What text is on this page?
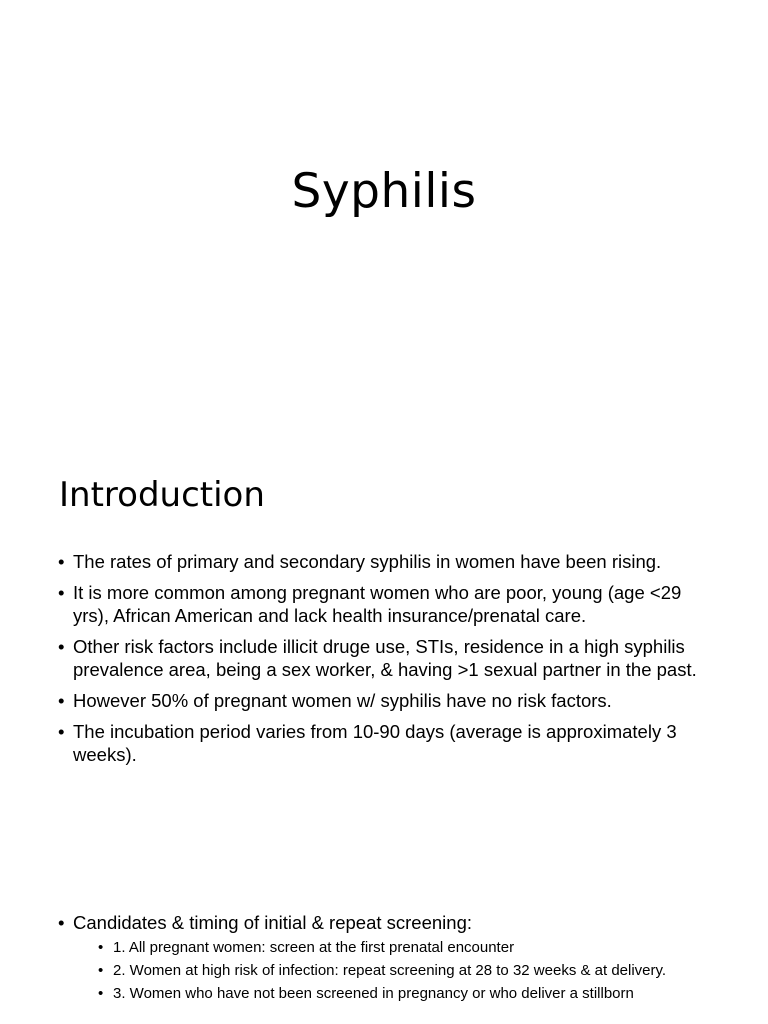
Syphilis
Introduction
• The rates of primary and secondary syphilis in women have been rising.
• It is more common among pregnant women who are poor, young (age <29 yrs), African American and lack health insurance/prenatal care.
• Other risk factors include illicit druge use, STIs, residence in a high syphilis prevalence area, being a sex worker, & having >1 sexual partner in the past.
• However 50% of pregnant women w/ syphilis have no risk factors.
• The incubation period varies from 10-90 days (average is approximately 3 weeks).
• Candidates & timing of initial & repeat screening:
• 1. All pregnant women: screen at the first prenatal encounter
• 2. Women at high risk of infection: repeat screening at 28 to 32 weeks & at delivery.
• 3. Women who have not been screened in pregnancy or who deliver a stillborn
